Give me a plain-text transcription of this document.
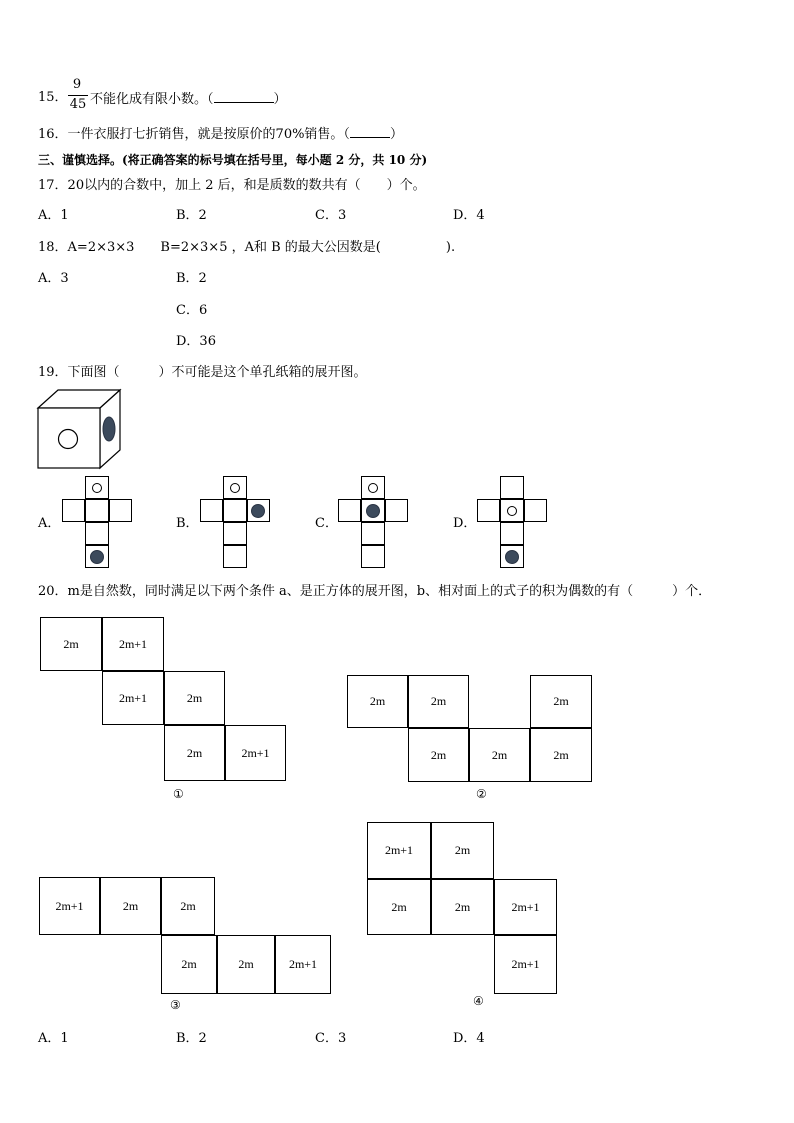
15．
9
45 不能化成有限小数。（	）
16．一件衣服打七折销售，就是按原价的70%销售。（	）
三、谨慎选择。(将正确答案的标号填在括号里，每小题 2 分，共 10 分)
17．20以内的合数中，加上 2 后，和是质数的数共有（　　）个。
A．1	B．2	C．3	D．4
18．A=2×3×3　　B=2×3×5 ，A和 B 的最大公因数是(　　　　　).
A．3	B．2
C．6
D．36
19．下面图（　　　）不可能是这个单孔纸箱的展开图。
A．	B．	C．	D．
20．m是自然数，同时满足以下两个条件 a、是正方体的展开图，b、相对面上的式子的积为偶数的有（　　　）个．
2m	2m+1
2m+1	2m
2m	2m+1
①
2m	2m	2m
2m	2m	2m
②
2m+1	2m	2m
2m	2m	2m+1
③
2m+1	2m
2m	2m	2m+1
2m+1
④
A．1	B．2	C．3	D．4
